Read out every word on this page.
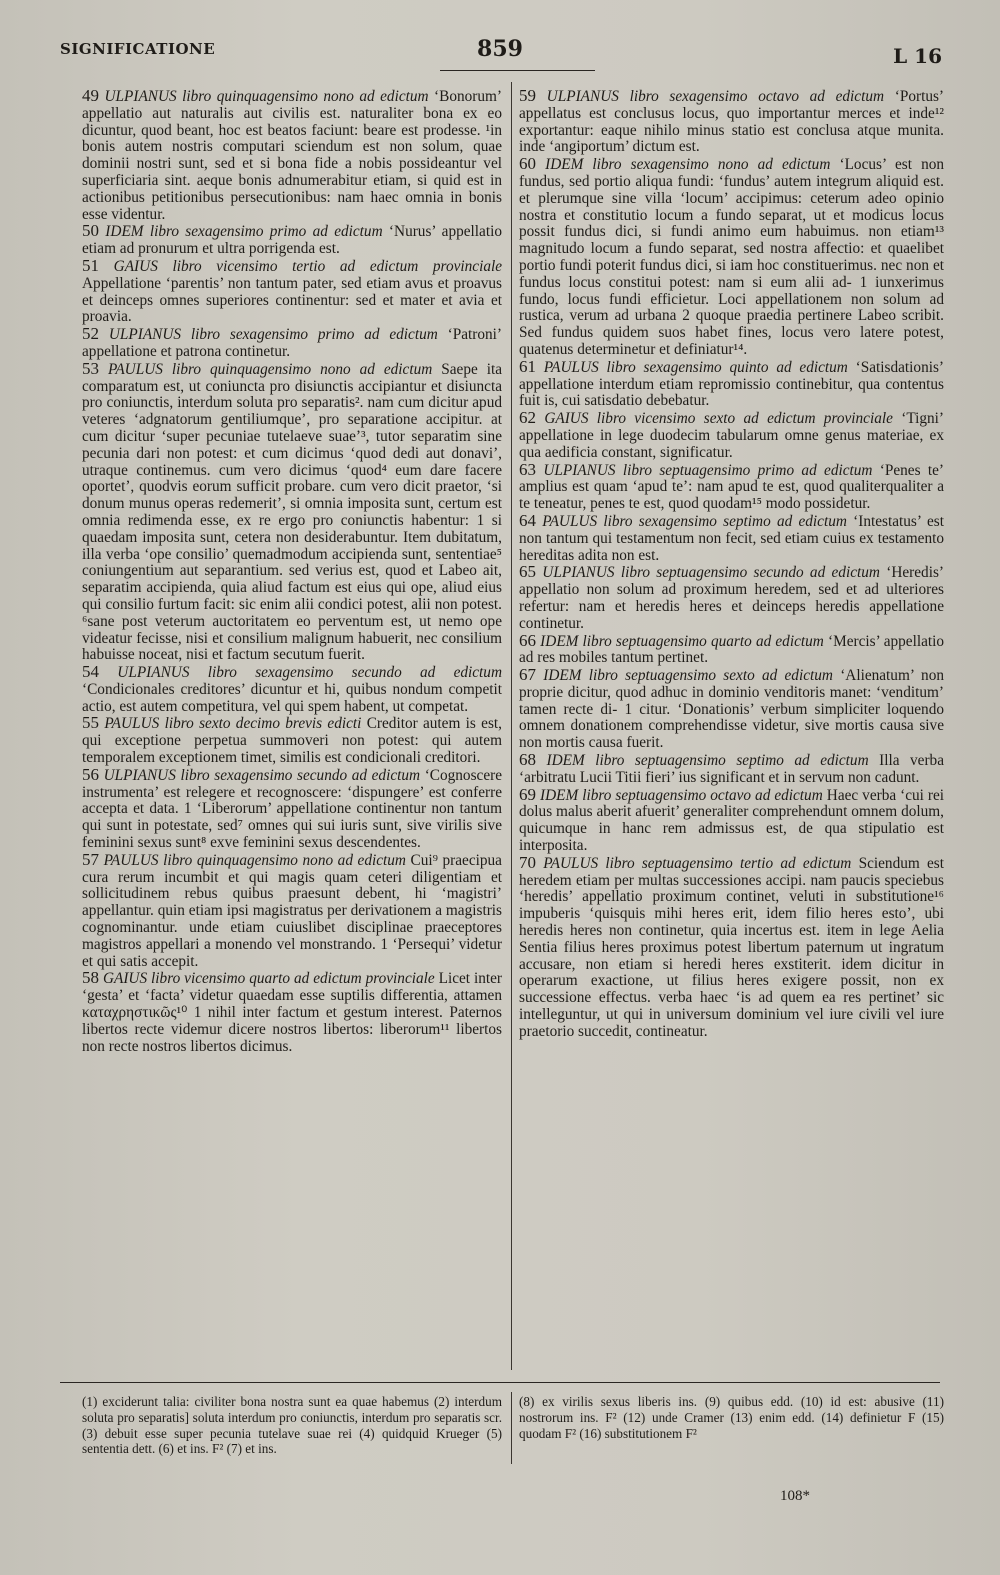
SIGNIFICATIONE	859	L 16

49 ULPIANUS libro quinquagensimo nono ad edictum ‘Bonorum’ appellatio aut naturalis aut civilis est. naturaliter bona ex eo dicuntur, quod beant, hoc est beatos faciunt: beare est prodesse. ¹in bonis autem nostris computari sciendum est non solum, quae dominii nostri sunt, sed et si bona fide a nobis possideantur vel superficiaria sint. aeque bonis adnumerabitur etiam, si quid est in actionibus petitionibus persecutionibus: nam haec omnia in bonis esse videntur.

50 IDEM libro sexagensimo primo ad edictum ‘Nurus’ appellatio etiam ad pronurum et ultra porrigenda est.

51 GAIUS libro vicensimo tertio ad edictum provinciale Appellatione ‘parentis’ non tantum pater, sed etiam avus et proavus et deinceps omnes superiores continentur: sed et mater et avia et proavia.

52 ULPIANUS libro sexagensimo primo ad edictum ‘Patroni’ appellatione et patrona continetur.

53 PAULUS libro quinquagensimo nono ad edictum Saepe ita comparatum est, ut coniuncta pro disiunctis accipiantur et disiuncta pro coniunctis, interdum soluta pro separatis². nam cum dicitur apud veteres ‘adgnatorum gentiliumque’, pro separatione accipitur. at cum dicitur ‘super pecuniae tutelaeve suae’³, tutor separatim sine pecunia dari non potest: et cum dicimus ‘quod dedi aut donavi’, utraque continemus. cum vero dicimus ‘quod⁴ eum dare facere oportet’, quodvis eorum sufficit probare. cum vero dicit praetor, ‘si donum munus operas redemerit’, si omnia imposita sunt, certum est omnia redimenda esse, ex re ergo pro coniunctis habentur: 1 si quaedam imposita sunt, cetera non desiderabuntur. Item dubitatum, illa verba ‘ope consilio’ quemadmodum accipienda sunt, sententiae⁵ coniungentium aut separantium. sed verius est, quod et Labeo ait, separatim accipienda, quia aliud factum est eius qui ope, aliud eius qui consilio furtum facit: sic enim alii condici potest, alii non potest. ⁶sane post veterum auctoritatem eo perventum est, ut nemo ope videatur fecisse, nisi et consilium malignum habuerit, nec consilium habuisse noceat, nisi et factum secutum fuerit.

54 ULPIANUS libro sexagensimo secundo ad edictum ‘Condicionales creditores’ dicuntur et hi, quibus nondum competit actio, est autem competitura, vel qui spem habent, ut competat.

55 PAULUS libro sexto decimo brevis edicti Creditor autem is est, qui exceptione perpetua summoveri non potest: qui autem temporalem exceptionem timet, similis est condicionali creditori.

56 ULPIANUS libro sexagensimo secundo ad edictum ‘Cognoscere instrumenta’ est relegere et recognoscere: ‘dispungere’ est conferre accepta et data. 1 ‘Liberorum’ appellatione continentur non tantum qui sunt in potestate, sed⁷ omnes qui sui iuris sunt, sive virilis sive feminini sexus sunt⁸ exve feminini sexus descendentes.

57 PAULUS libro quinquagensimo nono ad edictum Cui⁹ praecipua cura rerum incumbit et qui magis quam ceteri diligentiam et sollicitudinem rebus quibus praesunt debent, hi ‘magistri’ appellantur. quin etiam ipsi magistratus per derivationem a magistris cognominantur. unde etiam cuiuslibet disciplinae praeceptores magistros appellari a monendo vel monstrando. 1 ‘Persequi’ videtur et qui satis accepit.

58 GAIUS libro vicensimo quarto ad edictum provinciale Licet inter ‘gesta’ et ‘facta’ videtur quaedam esse suptilis differentia, attamen καταχρηστικῶς¹⁰ 1 nihil inter factum et gestum interest. Paternos libertos recte videmur dicere nostros libertos: liberorum¹¹ libertos non recte nostros libertos dicimus.

59 ULPIANUS libro sexagensimo octavo ad edictum ‘Portus’ appellatus est conclusus locus, quo importantur merces et inde¹² exportantur: eaque nihilo minus statio est conclusa atque munita. inde ‘angiportum’ dictum est.

60 IDEM libro sexagensimo nono ad edictum ‘Locus’ est non fundus, sed portio aliqua fundi: ‘fundus’ autem integrum aliquid est. et plerumque sine villa ‘locum’ accipimus: ceterum adeo opinio nostra et constitutio locum a fundo separat, ut et modicus locus possit fundus dici, si fundi animo eum habuimus. non etiam¹³ magnitudo locum a fundo separat, sed nostra affectio: et quaelibet portio fundi poterit fundus dici, si iam hoc constituerimus. nec non et fundus locus constitui potest: nam si eum alii ad- 1 iunxerimus fundo, locus fundi efficietur. Loci appellationem non solum ad rustica, verum ad urbana 2 quoque praedia pertinere Labeo scribit. Sed fundus quidem suos habet fines, locus vero latere potest, quatenus determinetur et definiatur¹⁴.

61 PAULUS libro sexagensimo quinto ad edictum ‘Satisdationis’ appellatione interdum etiam repromissio continebitur, qua contentus fuit is, cui satisdatio debebatur.

62 GAIUS libro vicensimo sexto ad edictum provinciale ‘Tigni’ appellatione in lege duodecim tabularum omne genus materiae, ex qua aedificia constant, significatur.

63 ULPIANUS libro septuagensimo primo ad edictum ‘Penes te’ amplius est quam ‘apud te’: nam apud te est, quod qualiterqualiter a te teneatur, penes te est, quod quodam¹⁵ modo possidetur.

64 PAULUS libro sexagensimo septimo ad edictum ‘Intestatus’ est non tantum qui testamentum non fecit, sed etiam cuius ex testamento hereditas adita non est.

65 ULPIANUS libro septuagensimo secundo ad edictum ‘Heredis’ appellatio non solum ad proximum heredem, sed et ad ulteriores refertur: nam et heredis heres et deinceps heredis appellatione continetur.

66 IDEM libro septuagensimo quarto ad edictum ‘Mercis’ appellatio ad res mobiles tantum pertinet.

67 IDEM libro septuagensimo sexto ad edictum ‘Alienatum’ non proprie dicitur, quod adhuc in dominio venditoris manet: ‘venditum’ tamen recte di- 1 citur. ‘Donationis’ verbum simpliciter loquendo omnem donationem comprehendisse videtur, sive mortis causa sive non mortis causa fuerit.

68 IDEM libro septuagensimo septimo ad edictum Illa verba ‘arbitratu Lucii Titii fieri’ ius significant et in servum non cadunt.

69 IDEM libro septuagensimo octavo ad edictum Haec verba ‘cui rei dolus malus aberit afuerit’ generaliter comprehendunt omnem dolum, quicumque in hanc rem admissus est, de qua stipulatio est interposita.

70 PAULUS libro septuagensimo tertio ad edictum Sciendum est heredem etiam per multas successiones accipi. nam paucis speciebus ‘heredis’ appellatio proximum continet, veluti in substitutione¹⁶ impuberis ‘quisquis mihi heres erit, idem filio heres esto’, ubi heredis heres non continetur, quia incertus est. item in lege Aelia Sentia filius heres proximus potest libertum paternum ut ingratum accusare, non etiam si heredi heres exstiterit. idem dicitur in operarum exactione, ut filius heres exigere possit, non ex successione effectus. verba haec ‘is ad quem ea res pertinet’ sic intelleguntur, ut qui in universum dominium vel iure civili vel iure praetorio succedit, contineatur.

(1) exciderunt talia: civiliter bona nostra sunt ea quae habemus (2) interdum soluta pro separatis] soluta interdum pro coniunctis, interdum pro separatis scr. (3) debuit esse super pecunia tutelave suae rei (4) quidquid Krueger (5) sententia dett. (6) et ins. F² (7) et ins.
(8) ex virilis sexus liberis ins. (9) quibus edd. (10) id est: abusive (11) nostrorum ins. F² (12) unde Cramer (13) enim edd. (14) definietur F (15) quodam F² (16) substitutionem F²
108*
